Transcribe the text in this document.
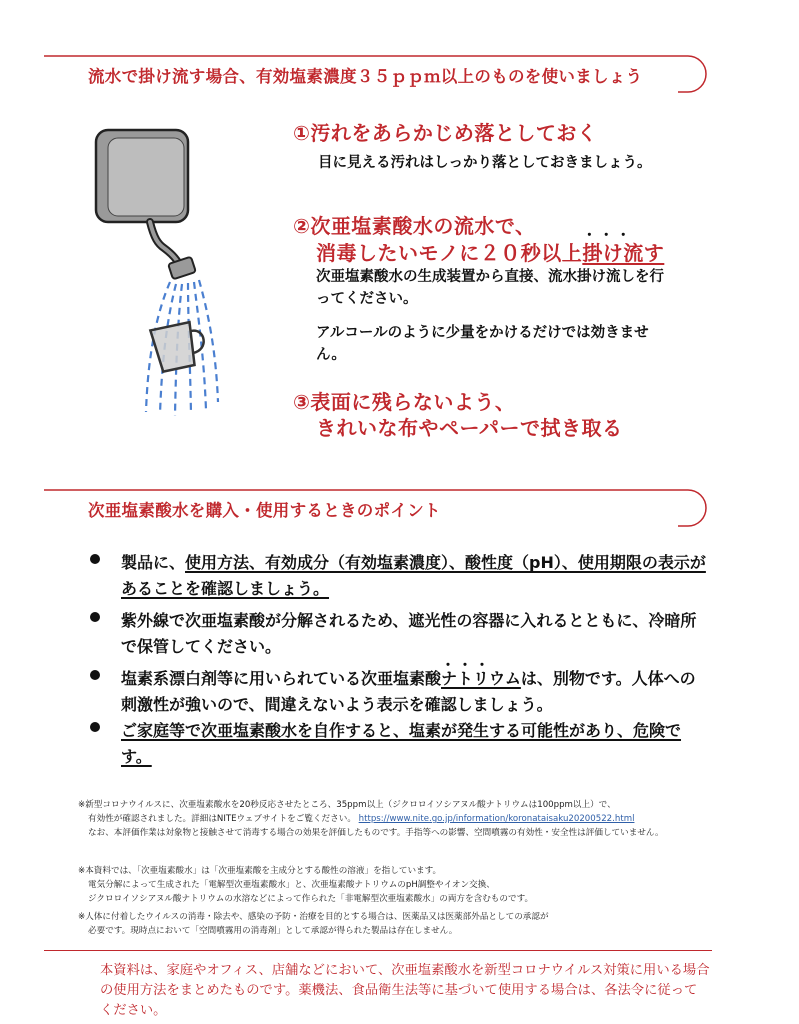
流水で掛け流す場合、有効塩素濃度３５ｐｐｍ以上のものを使いましょう
①汚れをあらかじめ落としておく
目に見える汚れはしっかり落としておきましょう。
②次亜塩素酸水の流水で、
消毒したいモノに２０秒以上・・・ 掛け流す
次亜塩素酸水の生成装置から直接、流水掛け流しを行ってください。
アルコールのように少量をかけるだけでは効きません。
③表面に残らないよう、
きれいな布やペーパーで拭き取る
次亜塩素酸水を購入・使用するときのポイント
製品に、使用方法、有効成分（有効塩素濃度）、酸性度（pH）、使用期限の表示があることを確認しましょう。
紫外線で次亜塩素酸が分解されるため、遮光性の容器に入れるとともに、冷暗所で保管してください。
塩素系漂白剤等に用いられている次亜塩素酸・・・ ナトリウムは、別物です。人体への刺激性が強いので、間違えないよう表示を確認しましょう。
ご家庭等で次亜塩素酸水を自作すると、塩素が発生する可能性があり、危険です。
※新型コロナウイルスに、次亜塩素酸水を20秒反応させたところ、35ppm以上（ジクロロイソシアヌル酸ナトリウムは100ppm以上）で、
有効性が確認されました。詳細はNITEウェブサイトをご覧ください。 https://www.nite.go.jp/information/koronataisaku20200522.html
なお、本評価作業は対象物と接触させて消毒する場合の効果を評価したものです。手指等への影響、空間噴霧の有効性・安全性は評価していません。
※本資料では、「次亜塩素酸水」は「次亜塩素酸を主成分とする酸性の溶液」を指しています。
電気分解によって生成された「電解型次亜塩素酸水」と、次亜塩素酸ナトリウムのpH調整やイオン交換、
ジクロロイソシアヌル酸ナトリウムの水溶などによって作られた「非電解型次亜塩素酸水」の両方を含むものです。
※人体に付着したウイルスの消毒・除去や、感染の予防・治療を目的とする場合は、医薬品又は医薬部外品としての承認が
必要です。現時点において「空間噴霧用の消毒剤」として承認が得られた製品は存在しません。
本資料は、家庭やオフィス、店舗などにおいて、次亜塩素酸水を新型コロナウイルス対策に用いる場合の使用方法をまとめたものです。薬機法、食品衛生法等に基づいて使用する場合は、各法令に従ってください。
